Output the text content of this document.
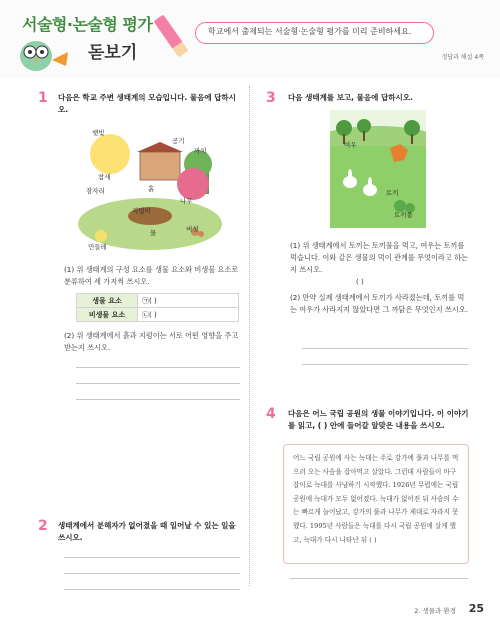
서술형·논술형 평가
돋보기
학교에서 출제되는 서술형·논술형 평가를 미리 준비하세요.
정답과 해설 4쪽
1 다음은 학교 주변 생태계의 모습입니다. 물음에 답하시오.
햇빛
공기
까치
참새
흙
잠자리
나무
물
지렁이
민들레
버섯
(1) 위 생태계의 구성 요소를 생물 요소와 비생물 요소로 분류하여 세 가지씩 쓰시오.
생물 요소	㉠( )
비생물 요소	㉡( )
(2) 위 생태계에서 흙과 지렁이는 서로 어떤 영향을 주고받는지 쓰시오.
2 생태계에서 분해자가 없어졌을 때 일어날 수 있는 일을 쓰시오.
3 다음 생태계를 보고, 물음에 답하시오.
여우
토끼
토끼풀
(1) 위 생태계에서 토끼는 토끼풀을 먹고, 여우는 토끼를 먹습니다. 이와 같은 생물의 먹이 관계를 무엇이라고 하는지 쓰시오.
( )
(2) 만약 실제 생태계에서 토끼가 사라졌는데, 토끼를 먹는 여우가 사라지지 않았다면 그 까닭은 무엇인지 쓰시오.
4 다음은 어느 국립 공원의 생물 이야기입니다. 이 이야기를 읽고, ( ) 안에 들어갈 알맞은 내용을 쓰시오.
어느 국립 공원에 사는 늑대는 주로 강가에 풀과 나무를 먹으러 오는 사슴을 잡아먹고 살았다. 그런데 사람들이 마구잡이로 늑대를 사냥하기 시작했다. 1926년 무렵에는 국립 공원에 늑대가 모두 없어졌다. 늑대가 없어진 뒤 사슴의 수는 빠르게 늘어났고, 강가의 풀과 나무가 제대로 자라지 못했다. 1995년 사람들은 늑대를 다시 국립 공원에 살게 했고, 늑대가 다시 나타난 뒤 ( )
2. 생물과 환경 25
